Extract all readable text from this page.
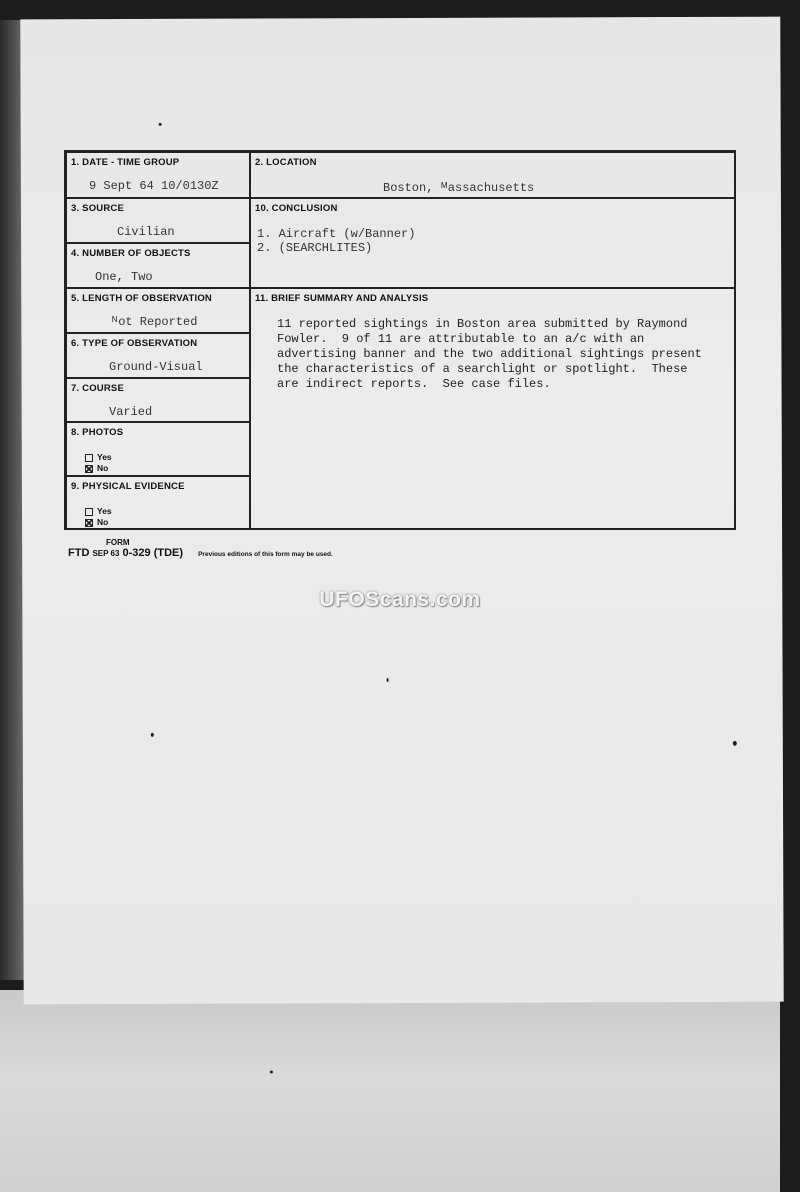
1. DATE - TIME GROUP
9 Sept 64 10/0130Z
2. LOCATION
Boston, ᴹassachusetts
3. SOURCE
Civilian
10. CONCLUSION
1. Aircraft (w/Banner)
2. (SEARCHLITES)
4. NUMBER OF OBJECTS
One, Two
5. LENGTH OF OBSERVATION
ᴺot Reported
11. BRIEF SUMMARY AND ANALYSIS
11 reported sightings in Boston area submitted by Raymond
Fowler.  9 of 11 are attributable to an a/c with an
advertising banner and the two additional sightings present
the characteristics of a searchlight or spotlight.  These
are indirect reports.  See case files.
6. TYPE OF OBSERVATION
Ground-Visual
7. COURSE
Varied
8. PHOTOS
Yes
No
9. PHYSICAL EVIDENCE
Yes
No
FORM
FTD SEP 63 0-329 (TDE) Previous editions of this form may be used.
UFOScans.com
